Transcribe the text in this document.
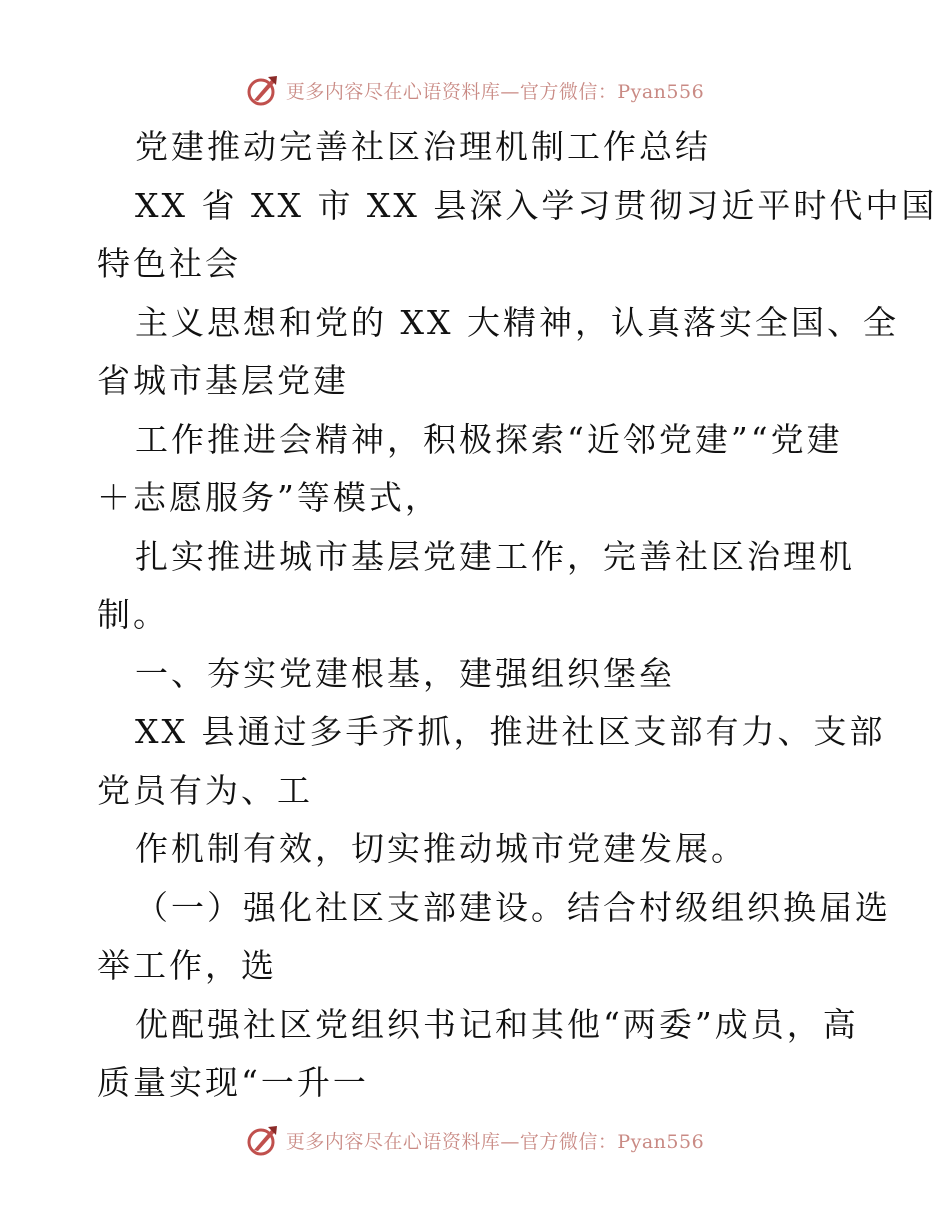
更多内容尽在心语资料库—官方微信：Pyan556
党建推动完善社区治理机制工作总结
XX 省 XX 市 XX 县深入学习贯彻习近平时代中国
特色社会
主义思想和党的 XX 大精神，认真落实全国、全
省城市基层党建
工作推进会精神，积极探索“近邻党建”“党建
＋志愿服务”等模式，
扎实推进城市基层党建工作，完善社区治理机
制。
一、夯实党建根基，建强组织堡垒
XX 县通过多手齐抓，推进社区支部有力、支部
党员有为、工
作机制有效，切实推动城市党建发展。
（一）强化社区支部建设。结合村级组织换届选
举工作，选
优配强社区党组织书记和其他“两委”成员，高
质量实现“一升一
更多内容尽在心语资料库—官方微信：Pyan556
